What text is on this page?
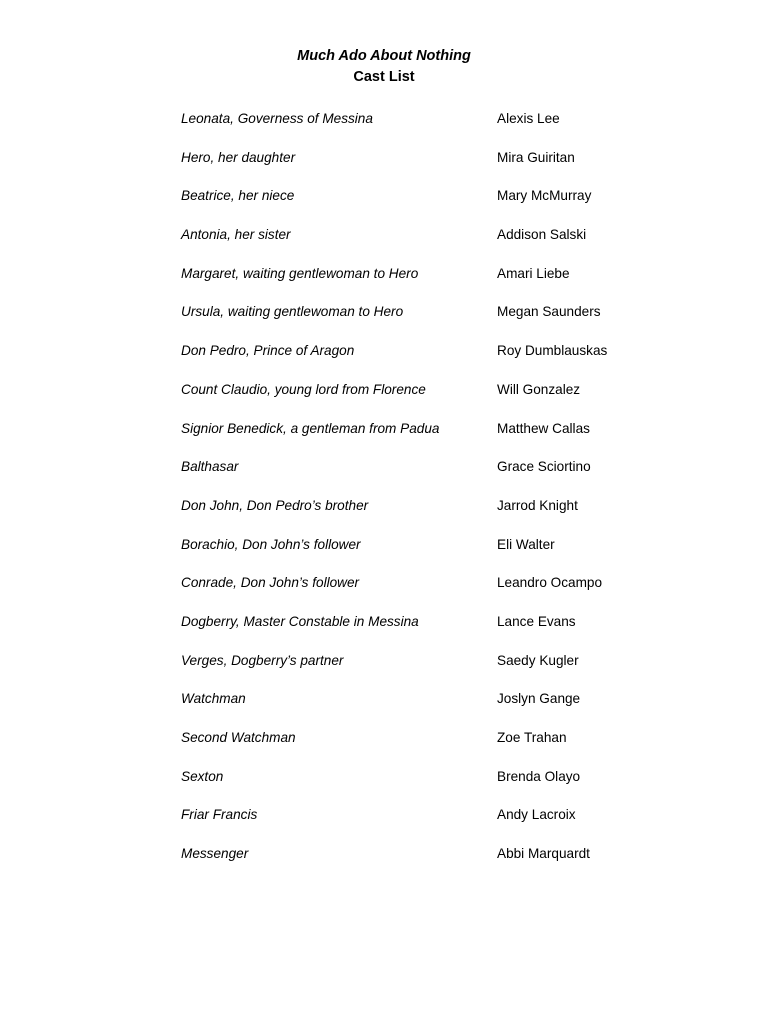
Much Ado About Nothing
Cast List
Leonata, Governess of Messina	Alexis Lee
Hero, her daughter	Mira Guiritan
Beatrice, her niece	Mary McMurray
Antonia, her sister	Addison Salski
Margaret, waiting gentlewoman to Hero	Amari Liebe
Ursula, waiting gentlewoman to Hero	Megan Saunders
Don Pedro, Prince of Aragon	Roy Dumblauskas
Count Claudio, young lord from Florence	Will Gonzalez
Signior Benedick, a gentleman from Padua	Matthew Callas
Balthasar	Grace Sciortino
Don John, Don Pedro’s brother	Jarrod Knight
Borachio, Don John’s follower	Eli Walter
Conrade, Don John’s follower	Leandro Ocampo
Dogberry, Master Constable in Messina	Lance Evans
Verges, Dogberry’s partner	Saedy Kugler
Watchman	Joslyn Gange
Second Watchman	Zoe Trahan
Sexton	Brenda Olayo
Friar Francis	Andy Lacroix
Messenger	Abbi Marquardt
